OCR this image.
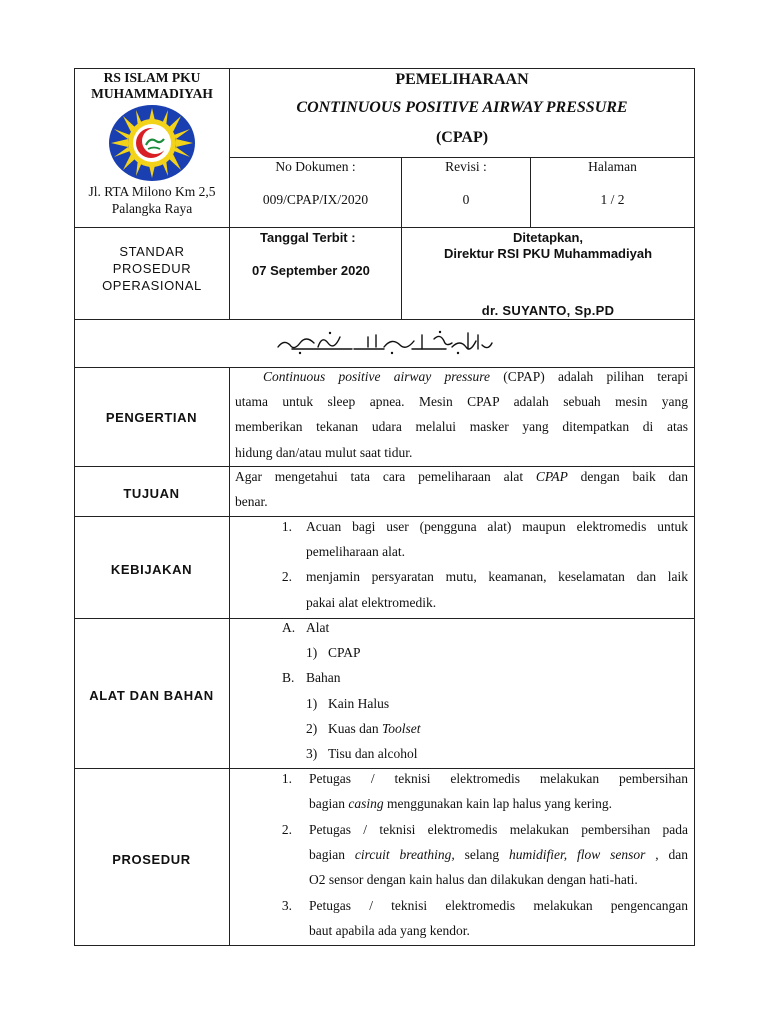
RS ISLAM PKU
MUHAMMADIYAH
Jl. RTA Milono Km 2,5
Palangka Raya
PEMELIHARAAN
CONTINUOUS POSITIVE AIRWAY PRESSURE
(CPAP)
No Dokumen :
009/CPAP/IX/2020
Revisi :
0
Halaman
1 / 2
STANDAR
PROSEDUR
OPERASIONAL
Tanggal Terbit :
07 September 2020
Ditetapkan,
Direktur RSI PKU Muhammadiyah
dr. SUYANTO, Sp.PD
PENGERTIAN
Continuous positive airway pressure (CPAP) adalah pilihan terapi
utama untuk sleep apnea. Mesin CPAP adalah sebuah mesin yang
memberikan tekanan udara melalui masker yang ditempatkan di atas
hidung dan/atau mulut saat tidur.
TUJUAN
Agar mengetahui tata cara pemeliharaan alat CPAP dengan baik dan
benar.
KEBIJAKAN
1. Acuan bagi user (pengguna alat) maupun elektromedis untuk
pemeliharaan alat.
2. menjamin persyaratan mutu, keamanan, keselamatan dan laik
pakai alat elektromedik.
ALAT DAN BAHAN
A. Alat
1) CPAP
B. Bahan
1) Kain Halus
2) Kuas dan Toolset
3) Tisu dan alcohol
PROSEDUR
1. Petugas / teknisi elektromedis melakukan pembersihan
bagian casing menggunakan kain lap halus yang kering.
2. Petugas / teknisi elektromedis melakukan pembersihan pada
bagian circuit breathing, selang humidifier, flow sensor , dan
O2 sensor dengan kain halus dan dilakukan dengan hati-hati.
3. Petugas / teknisi elektromedis melakukan pengencangan
baut apabila ada yang kendor.
